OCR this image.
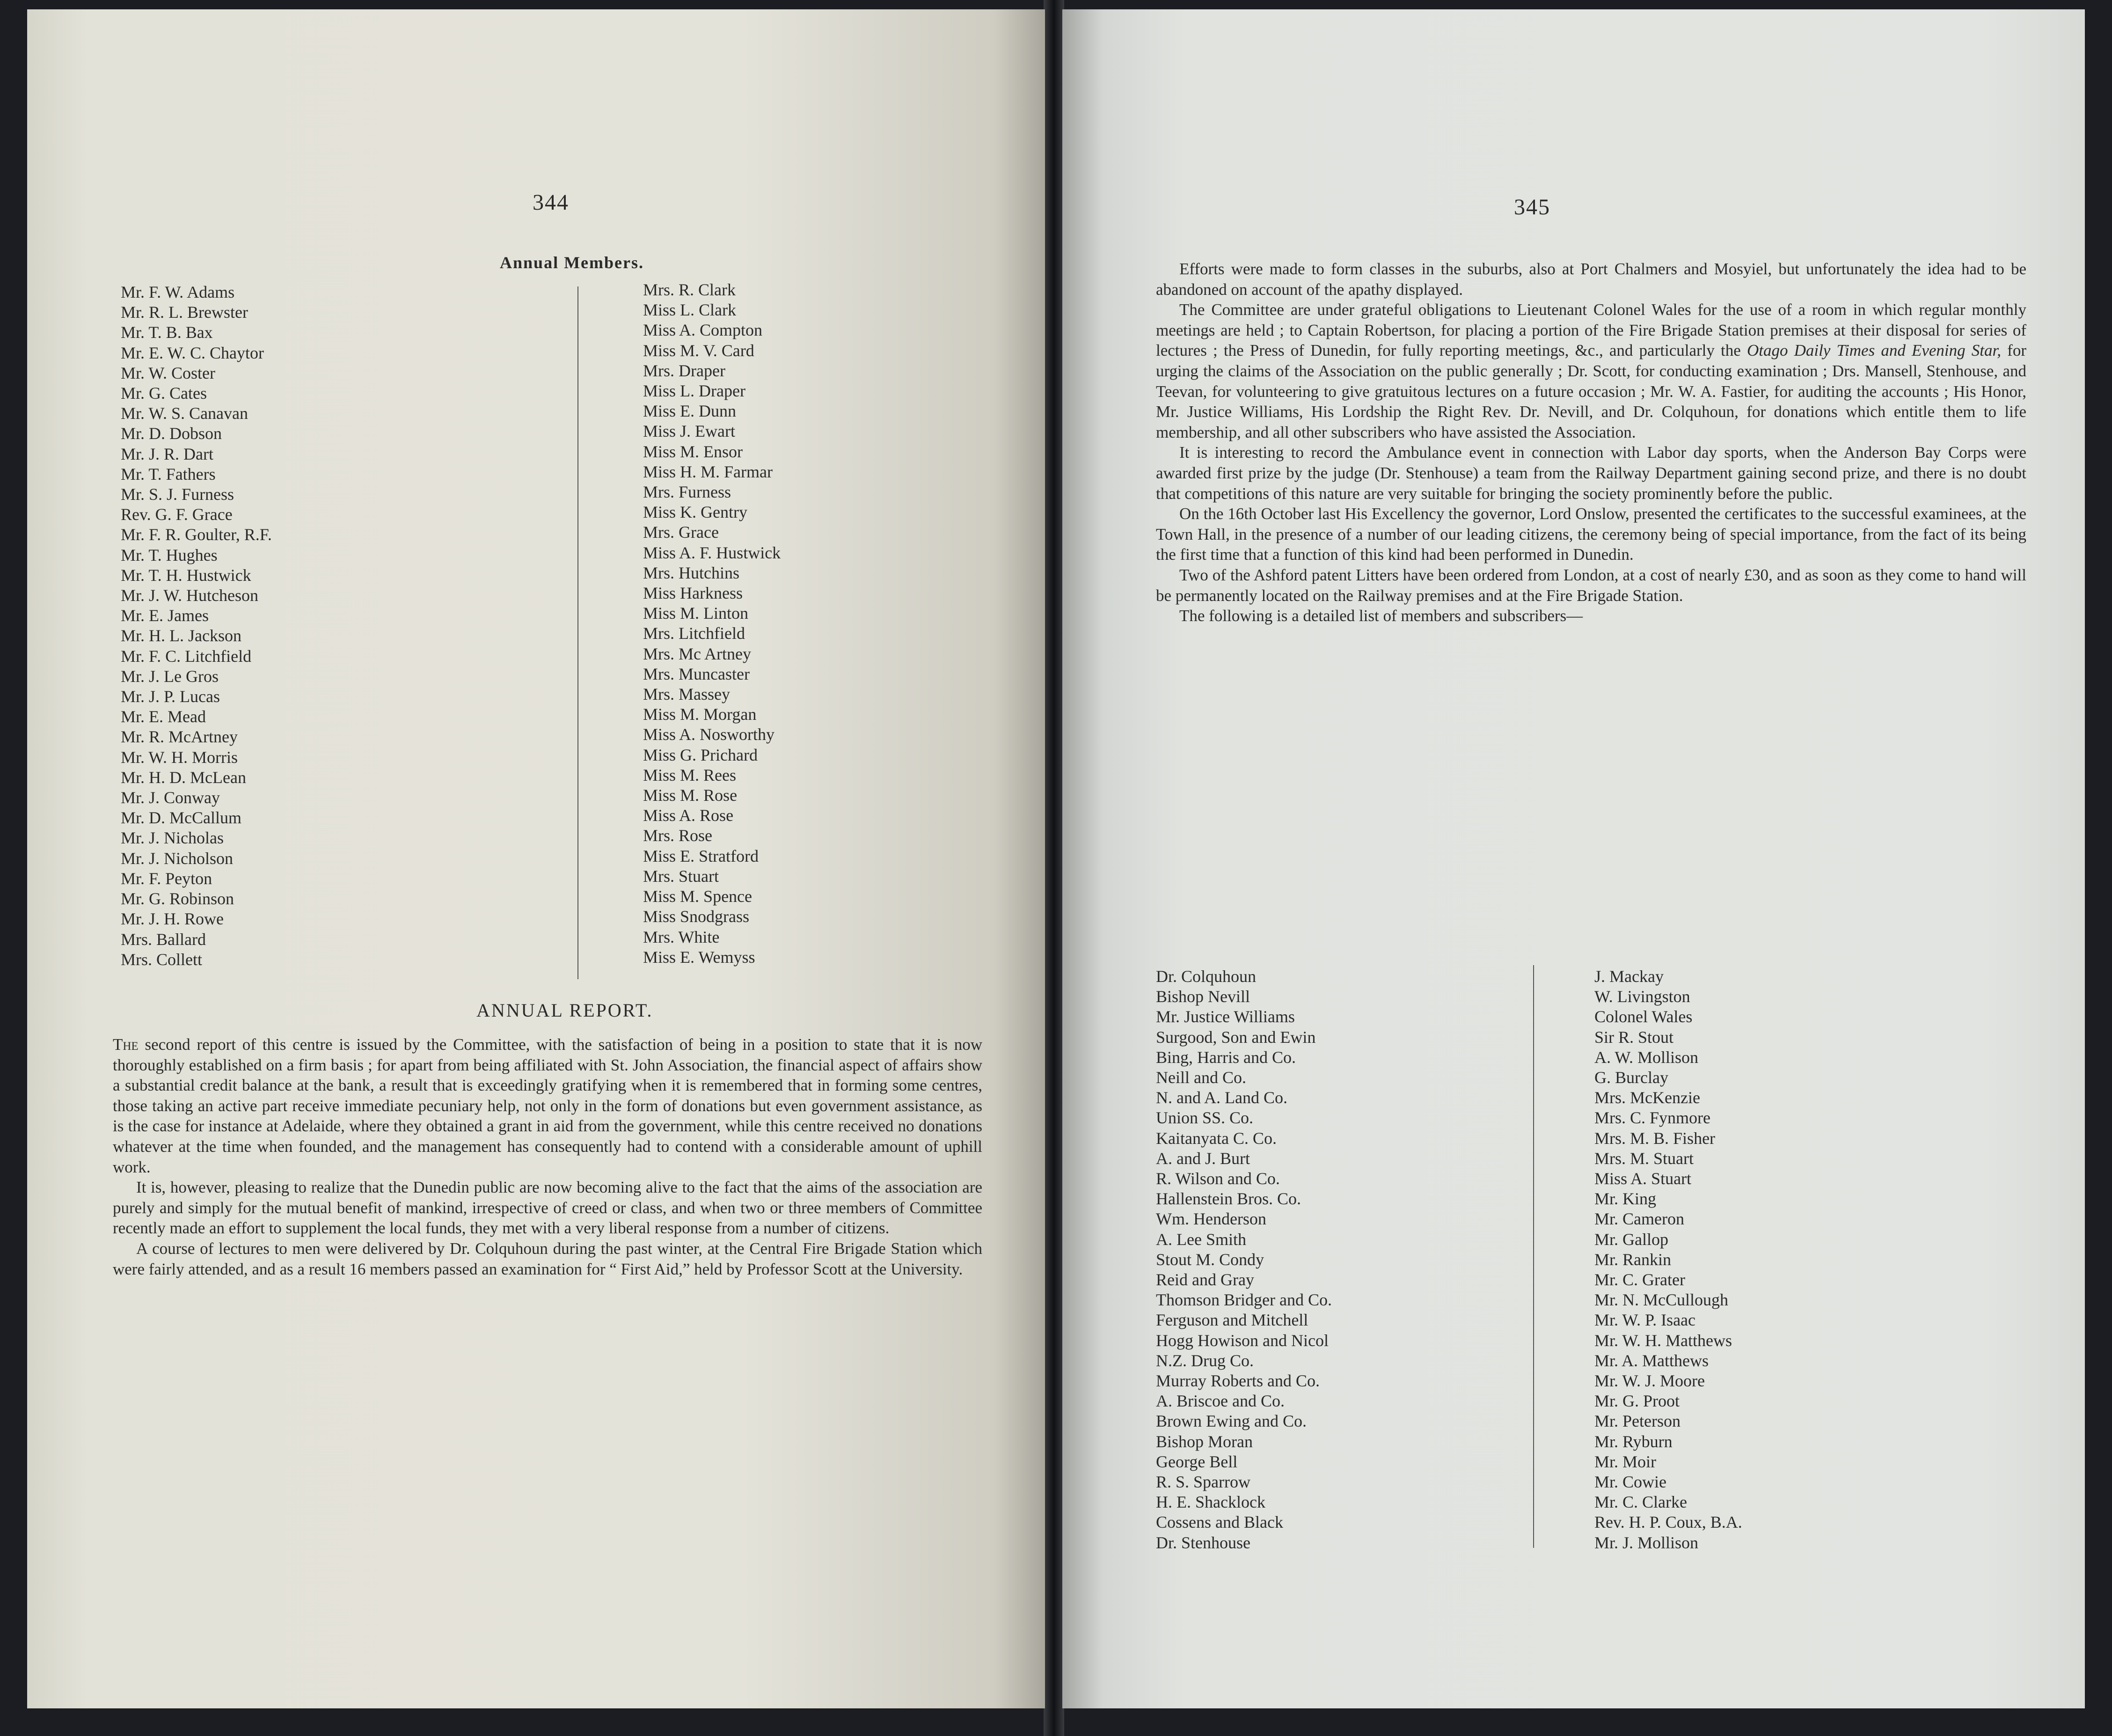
344
Annual Members.
Mr. F. W. Adams
Mr. R. L. Brewster
Mr. T. B. Bax
Mr. E. W. C. Chaytor
Mr. W. Coster
Mr. G. Cates
Mr. W. S. Canavan
Mr. D. Dobson
Mr. J. R. Dart
Mr. T. Fathers
Mr. S. J. Furness
Rev. G. F. Grace
Mr. F. R. Goulter, R.F.
Mr. T. Hughes
Mr. T. H. Hustwick
Mr. J. W. Hutcheson
Mr. E. James
Mr. H. L. Jackson
Mr. F. C. Litchfield
Mr. J. Le Gros
Mr. J. P. Lucas
Mr. E. Mead
Mr. R. McArtney
Mr. W. H. Morris
Mr. H. D. McLean
Mr. J. Conway
Mr. D. McCallum
Mr. J. Nicholas
Mr. J. Nicholson
Mr. F. Peyton
Mr. G. Robinson
Mr. J. H. Rowe
Mrs. Ballard
Mrs. Collett
Mrs. R. Clark
Miss L. Clark
Miss A. Compton
Miss M. V. Card
Mrs. Draper
Miss L. Draper
Miss E. Dunn
Miss J. Ewart
Miss M. Ensor
Miss H. M. Farmar
Mrs. Furness
Miss K. Gentry
Mrs. Grace
Miss A. F. Hustwick
Mrs. Hutchins
Miss Harkness
Miss M. Linton
Mrs. Litchfield
Mrs. Mc Artney
Mrs. Muncaster
Mrs. Massey
Miss M. Morgan
Miss A. Nosworthy
Miss G. Prichard
Miss M. Rees
Miss M. Rose
Miss A. Rose
Mrs. Rose
Miss E. Stratford
Mrs. Stuart
Miss M. Spence
Miss Snodgrass
Mrs. White
Miss E. Wemyss
ANNUAL REPORT.

The second report of this centre is issued by the Committee, with the satisfaction of being in a position to state that it is now thoroughly established on a firm basis ; for apart from being affiliated with St. John Association, the financial aspect of affairs show a substantial credit balance at the bank, a result that is exceedingly gratifying when it is remembered that in forming some centres, those taking an active part receive immediate pecuniary help, not only in the form of donations but even government assistance, as is the case for instance at Adelaide, where they obtained a grant in aid from the government, while this centre received no donations whatever at the time when founded, and the management has consequently had to contend with a considerable amount of uphill work.

It is, however, pleasing to realize that the Dunedin public are now becoming alive to the fact that the aims of the association are purely and simply for the mutual benefit of mankind, irrespective of creed or class, and when two or three members of Committee recently made an effort to supplement the local funds, they met with a very liberal response from a number of citizens.

A course of lectures to men were delivered by Dr. Colquhoun during the past winter, at the Central Fire Brigade Station which were fairly attended, and as a result 16 members passed an examination for “ First Aid,” held by Professor Scott at the University.

345

Efforts were made to form classes in the suburbs, also at Port Chalmers and Mosyiel, but unfortunately the idea had to be abandoned on account of the apathy displayed.

The Committee are under grateful obligations to Lieutenant Colonel Wales for the use of a room in which regular monthly meetings are held ; to Captain Robertson, for placing a portion of the Fire Brigade Station premises at their disposal for series of lectures ; the Press of Dunedin, for fully reporting meetings, &c., and particularly the Otago Daily Times and Evening Star, for urging the claims of the Association on the public generally ; Dr. Scott, for conducting examination ; Drs. Mansell, Stenhouse, and Teevan, for volunteering to give gratuitous lectures on a future occasion ; Mr. W. A. Fastier, for auditing the accounts ; His Honor, Mr. Justice Williams, His Lordship the Right Rev. Dr. Nevill, and Dr. Colquhoun, for donations which entitle them to life membership, and all other subscribers who have assisted the Association.

It is interesting to record the Ambulance event in connection with Labor day sports, when the Anderson Bay Corps were awarded first prize by the judge (Dr. Stenhouse) a team from the Railway Department gaining second prize, and there is no doubt that competitions of this nature are very suitable for bringing the society prominently before the public.

On the 16th October last His Excellency the governor, Lord Onslow, presented the certificates to the successful examinees, at the Town Hall, in the presence of a number of our leading citizens, the ceremony being of special importance, from the fact of its being the first time that a function of this kind had been performed in Dunedin.

Two of the Ashford patent Litters have been ordered from London, at a cost of nearly £30, and as soon as they come to hand will be permanently located on the Railway premises and at the Fire Brigade Station.

The following is a detailed list of members and subscribers—

Dr. Colquhoun
Bishop Nevill
Mr. Justice Williams
Surgood, Son and Ewin
Bing, Harris and Co.
Neill and Co.
N. and A. Land Co.
Union SS. Co.
Kaitanyata C. Co.
A. and J. Burt
R. Wilson and Co.
Hallenstein Bros. Co.
Wm. Henderson
A. Lee Smith
Stout M. Condy
Reid and Gray
Thomson Bridger and Co.
Ferguson and Mitchell
Hogg Howison and Nicol
N.Z. Drug Co.
Murray Roberts and Co.
A. Briscoe and Co.
Brown Ewing and Co.
Bishop Moran
George Bell
R. S. Sparrow
H. E. Shacklock
Cossens and Black
Dr. Stenhouse
J. Mackay
W. Livingston
Colonel Wales
Sir R. Stout
A. W. Mollison
G. Burclay
Mrs. McKenzie
Mrs. C. Fynmore
Mrs. M. B. Fisher
Mrs. M. Stuart
Miss A. Stuart
Mr. King
Mr. Cameron
Mr. Gallop
Mr. Rankin
Mr. C. Grater
Mr. N. McCullough
Mr. W. P. Isaac
Mr. W. H. Matthews
Mr. A. Matthews
Mr. W. J. Moore
Mr. G. Proot
Mr. Peterson
Mr. Ryburn
Mr. Moir
Mr. Cowie
Mr. C. Clarke
Rev. H. P. Coux, B.A.
Mr. J. Mollison
